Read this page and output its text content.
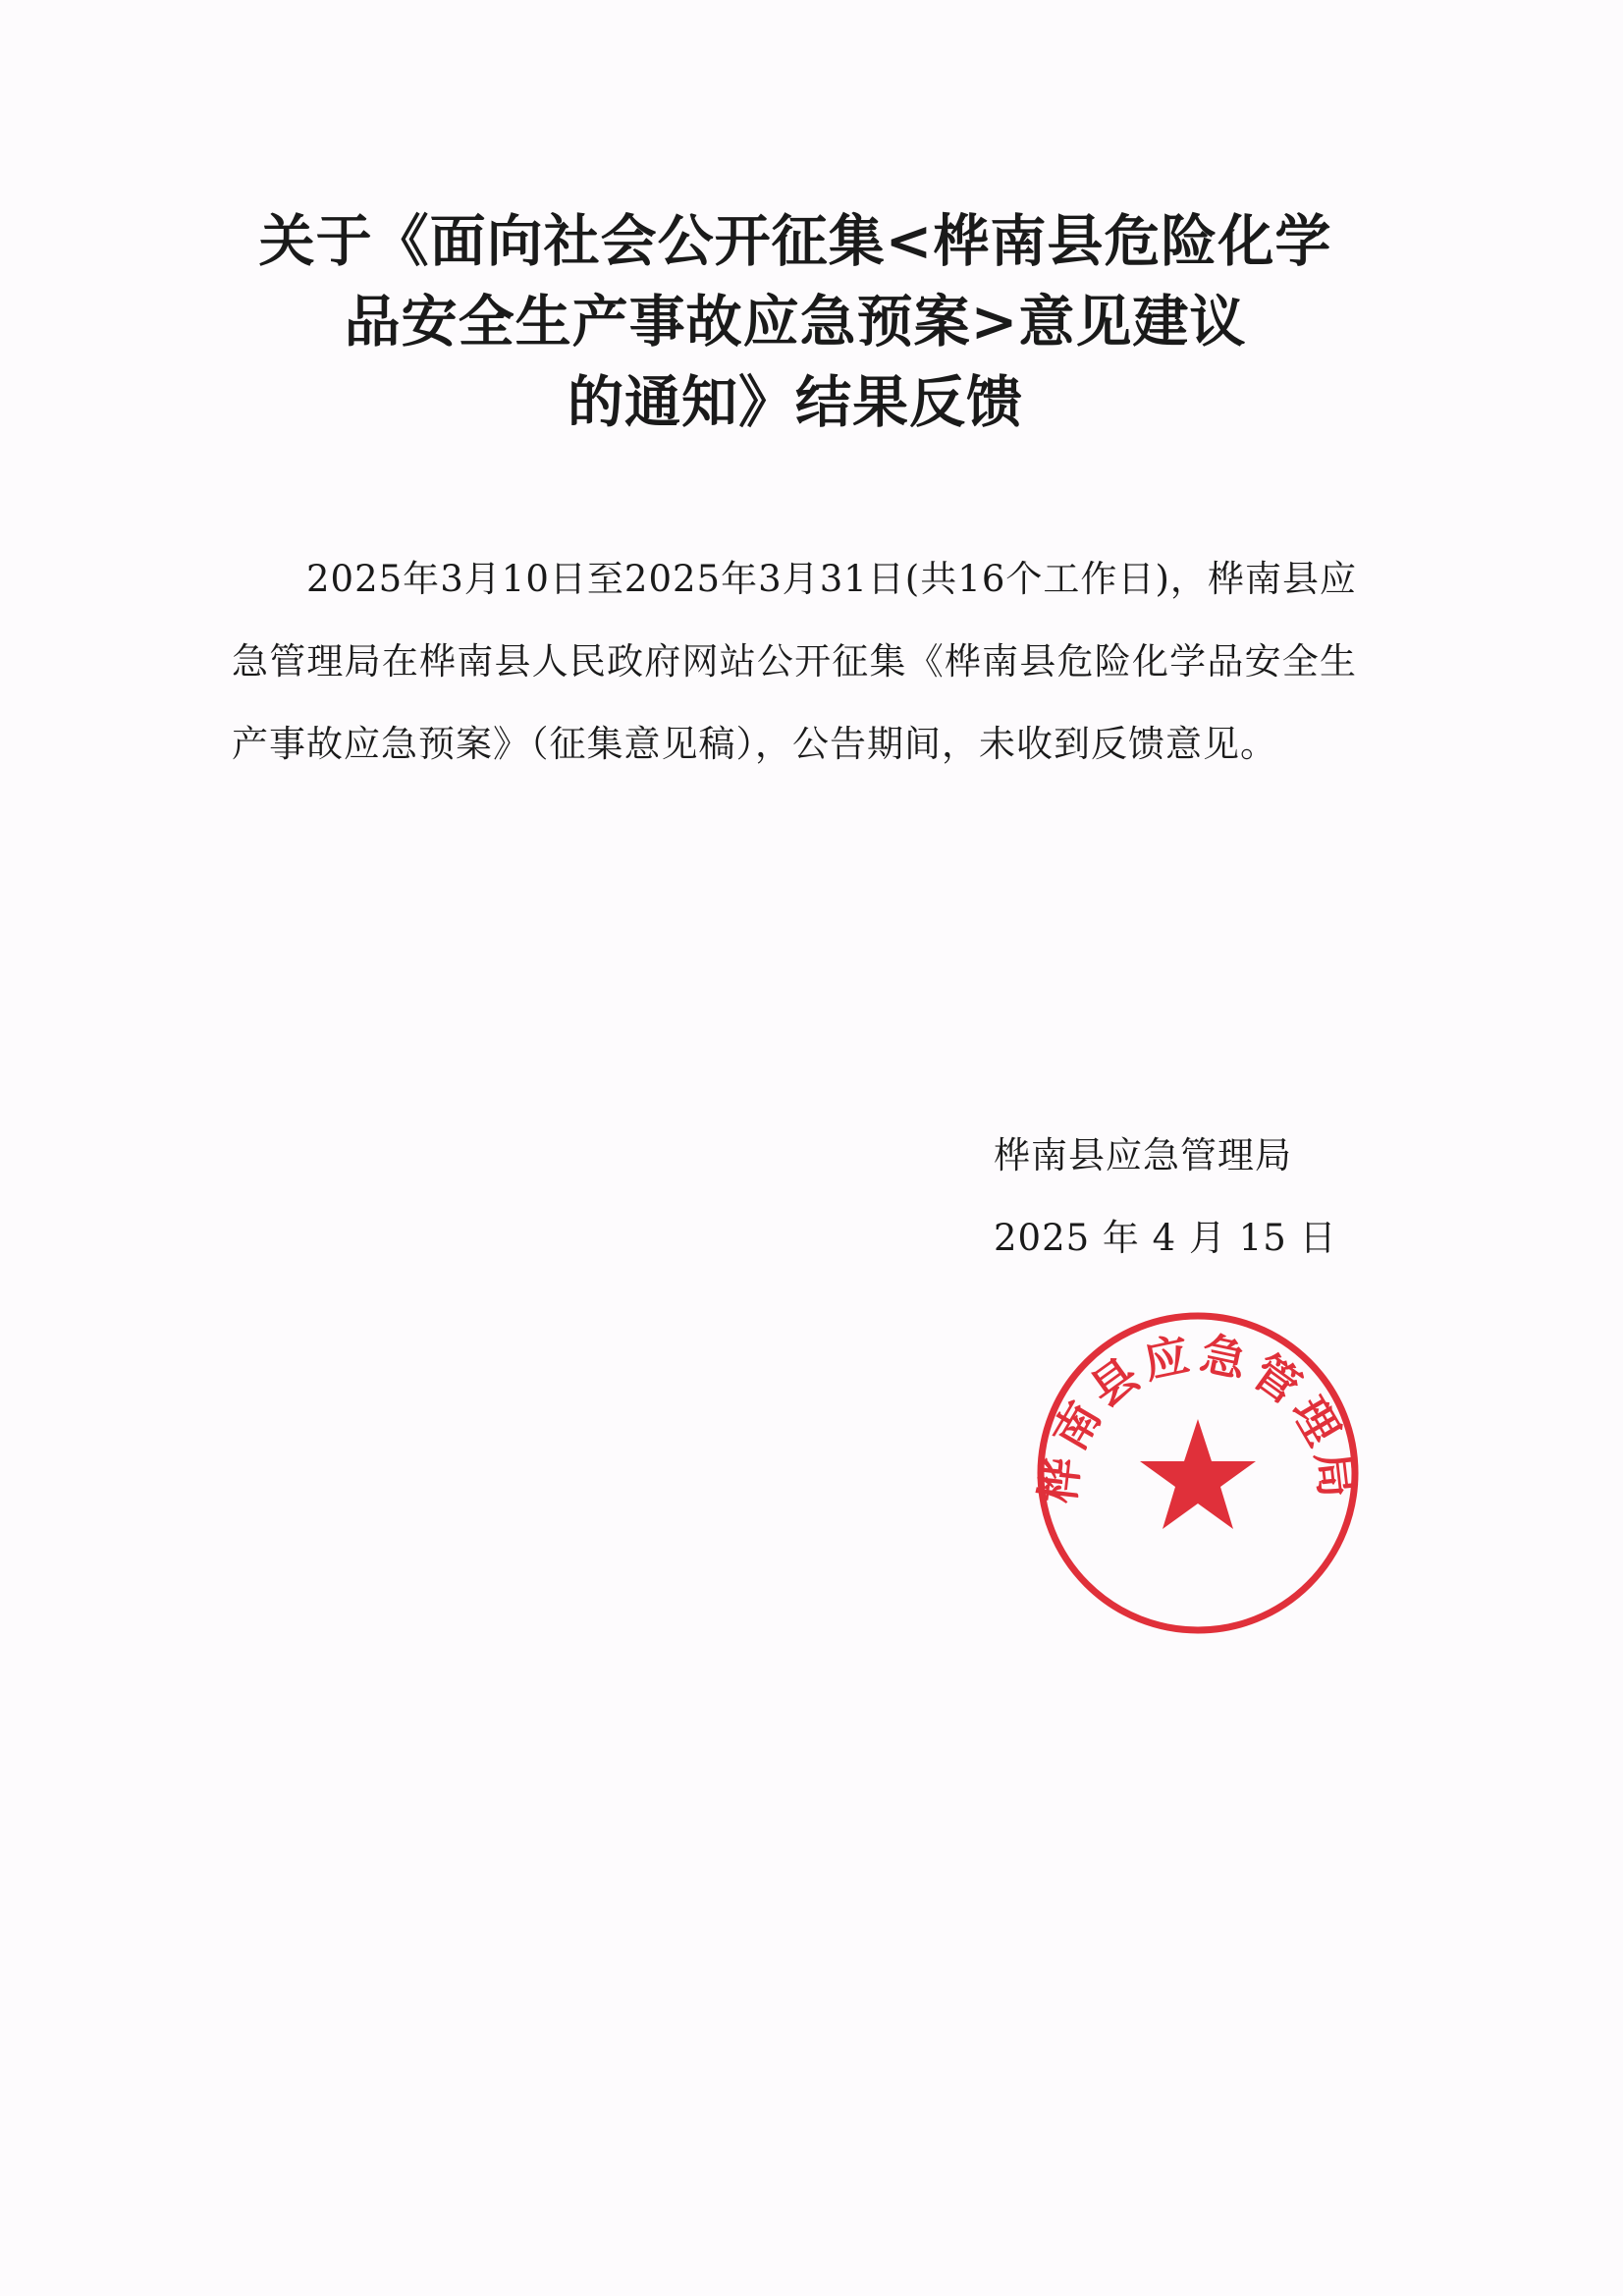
关于《面向社会公开征集<桦南县危险化学
品安全生产事故应急预案>意见建议
的通知》结果反馈

2025年3月10日至2025年3月31日(共16个工作日)，桦南县应急管理局在桦南县人民政府网站公开征集《桦南县危险化学品安全生产事故应急预案》（征集意见稿），公告期间，未收到反馈意见。

桦南县应急管理局
2025 年 4 月 15 日
桦南县应急管理局
